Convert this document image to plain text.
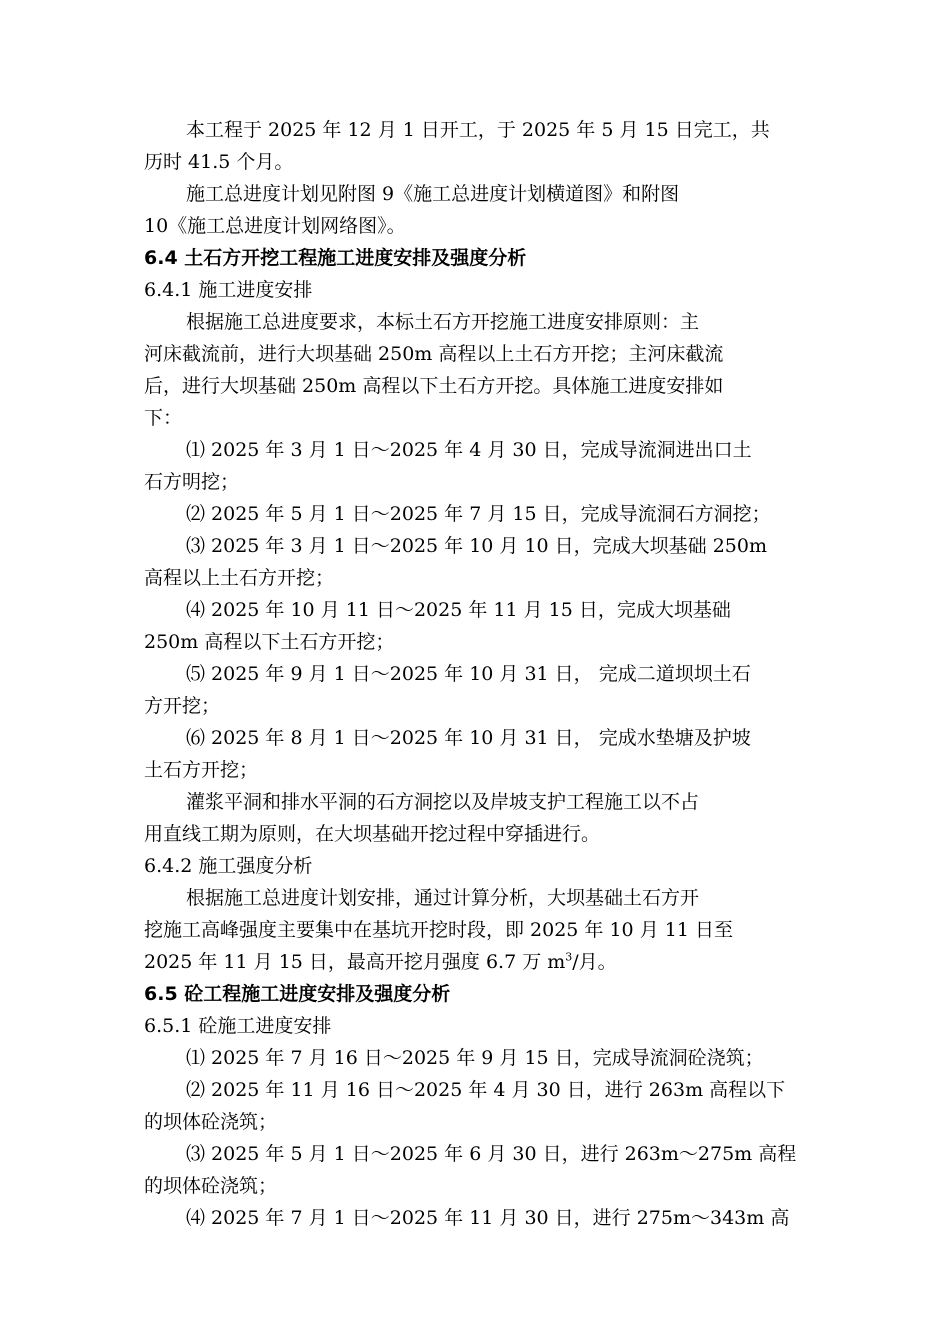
本工程于 2025 年 12 月 1 日开工，于 2025 年 5 月 15 日完工，共
历时 41.5 个月。
施工总进度计划见附图 9《施工总进度计划横道图》和附图
10《施工总进度计划网络图》。
6.4 土石方开挖工程施工进度安排及强度分析
6.4.1 施工进度安排
根据施工总进度要求，本标土石方开挖施工进度安排原则：主
河床截流前，进行大坝基础 250m 高程以上土石方开挖；主河床截流
后，进行大坝基础 250m 高程以下土石方开挖。具体施工进度安排如
下：
⑴ 2025 年 3 月 1 日～2025 年 4 月 30 日，完成导流洞进出口土
石方明挖；
⑵ 2025 年 5 月 1 日～2025 年 7 月 15 日，完成导流洞石方洞挖；
⑶ 2025 年 3 月 1 日～2025 年 10 月 10 日，完成大坝基础 250m
高程以上土石方开挖；
⑷ 2025 年 10 月 11 日～2025 年 11 月 15 日，完成大坝基础
250m 高程以下土石方开挖；
⑸ 2025 年 9 月 1 日～2025 年 10 月 31 日， 完成二道坝坝土石
方开挖；
⑹ 2025 年 8 月 1 日～2025 年 10 月 31 日， 完成水垫塘及护坡
土石方开挖；
灌浆平洞和排水平洞的石方洞挖以及岸坡支护工程施工以不占
用直线工期为原则，在大坝基础开挖过程中穿插进行。
6.4.2 施工强度分析
根据施工总进度计划安排，通过计算分析，大坝基础土石方开
挖施工高峰强度主要集中在基坑开挖时段，即 2025 年 10 月 11 日至
2025 年 11 月 15 日，最高开挖月强度 6.7 万 $m^3/$月。
6.5 砼工程施工进度安排及强度分析
6.5.1 砼施工进度安排
⑴ 2025 年 7 月 16 日～2025 年 9 月 15 日，完成导流洞砼浇筑；
⑵ 2025 年 11 月 16 日～2025 年 4 月 30 日，进行 263m 高程以下
的坝体砼浇筑；
⑶ 2025 年 5 月 1 日～2025 年 6 月 30 日，进行 263m～275m 高程
的坝体砼浇筑；
⑷ 2025 年 7 月 1 日～2025 年 11 月 30 日，进行 275m～343m 高
